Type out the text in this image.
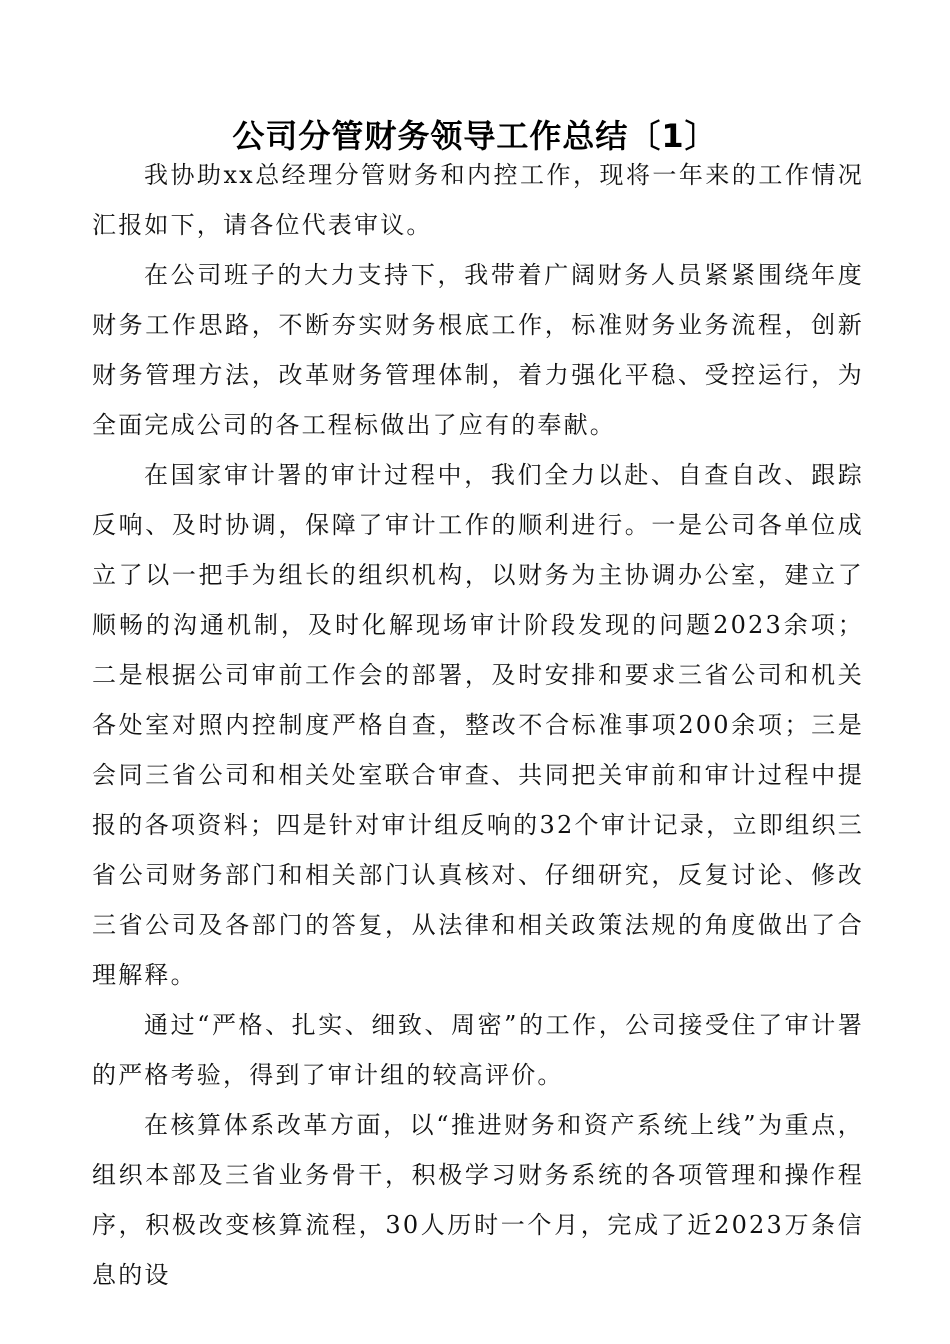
公司分管财务领导工作总结〔1〕

我协助xx总经理分管财务和内控工作，现将一年来的工作情况汇报如下，请各位代表审议。

在公司班子的大力支持下，我带着广阔财务人员紧紧围绕年度财务工作思路，不断夯实财务根底工作，标准财务业务流程，创新财务管理方法，改革财务管理体制，着力强化平稳、受控运行，为全面完成公司的各工程标做出了应有的奉献。

在国家审计署的审计过程中，我们全力以赴、自查自改、跟踪反响、及时协调，保障了审计工作的顺利进行。一是公司各单位成立了以一把手为组长的组织机构，以财务为主协调办公室，建立了顺畅的沟通机制，及时化解现场审计阶段发现的问题2023余项；二是根据公司审前工作会的部署，及时安排和要求三省公司和机关各处室对照内控制度严格自查，整改不合标准事项200余项；三是会同三省公司和相关处室联合审查、共同把关审前和审计过程中提报的各项资料；四是针对审计组反响的32个审计记录，立即组织三省公司财务部门和相关部门认真核对、仔细研究，反复讨论、修改三省公司及各部门的答复，从法律和相关政策法规的角度做出了合理解释。

通过“严格、扎实、细致、周密”的工作，公司接受住了审计署的严格考验，得到了审计组的较高评价。

在核算体系改革方面，以“推进财务和资产系统上线”为重点，组织本部及三省业务骨干，积极学习财务系统的各项管理和操作程序，积极改变核算流程，30人历时一个月，完成了近2023万条信息的设
